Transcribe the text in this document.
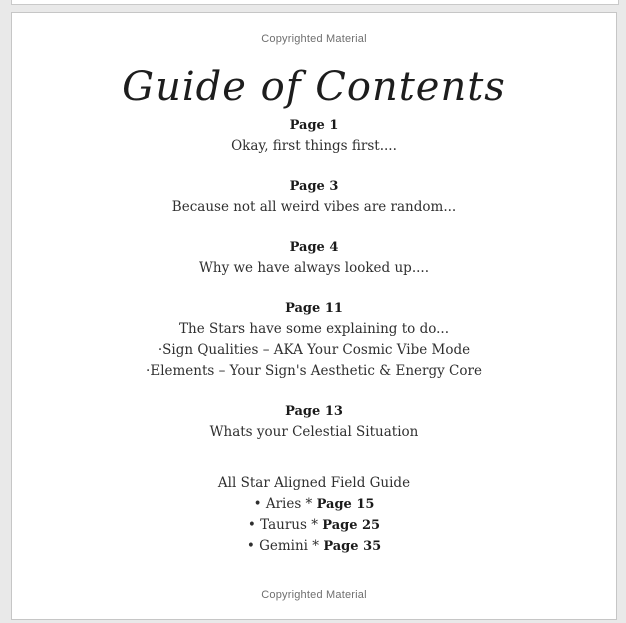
Copyrighted Material
Guide of Contents
Page 1
Okay, first things first....
Page 3
Because not all weird vibes are random...
Page 4
Why we have always looked up....
Page 11
The Stars have some explaining to do...
·Sign Qualities – AKA Your Cosmic Vibe Mode
·Elements – Your Sign's Aesthetic & Energy Core
Page 13
Whats your Celestial Situation
All Star Aligned Field Guide
• Aries * Page 15
• Taurus * Page 25
• Gemini * Page 35
Copyrighted Material
